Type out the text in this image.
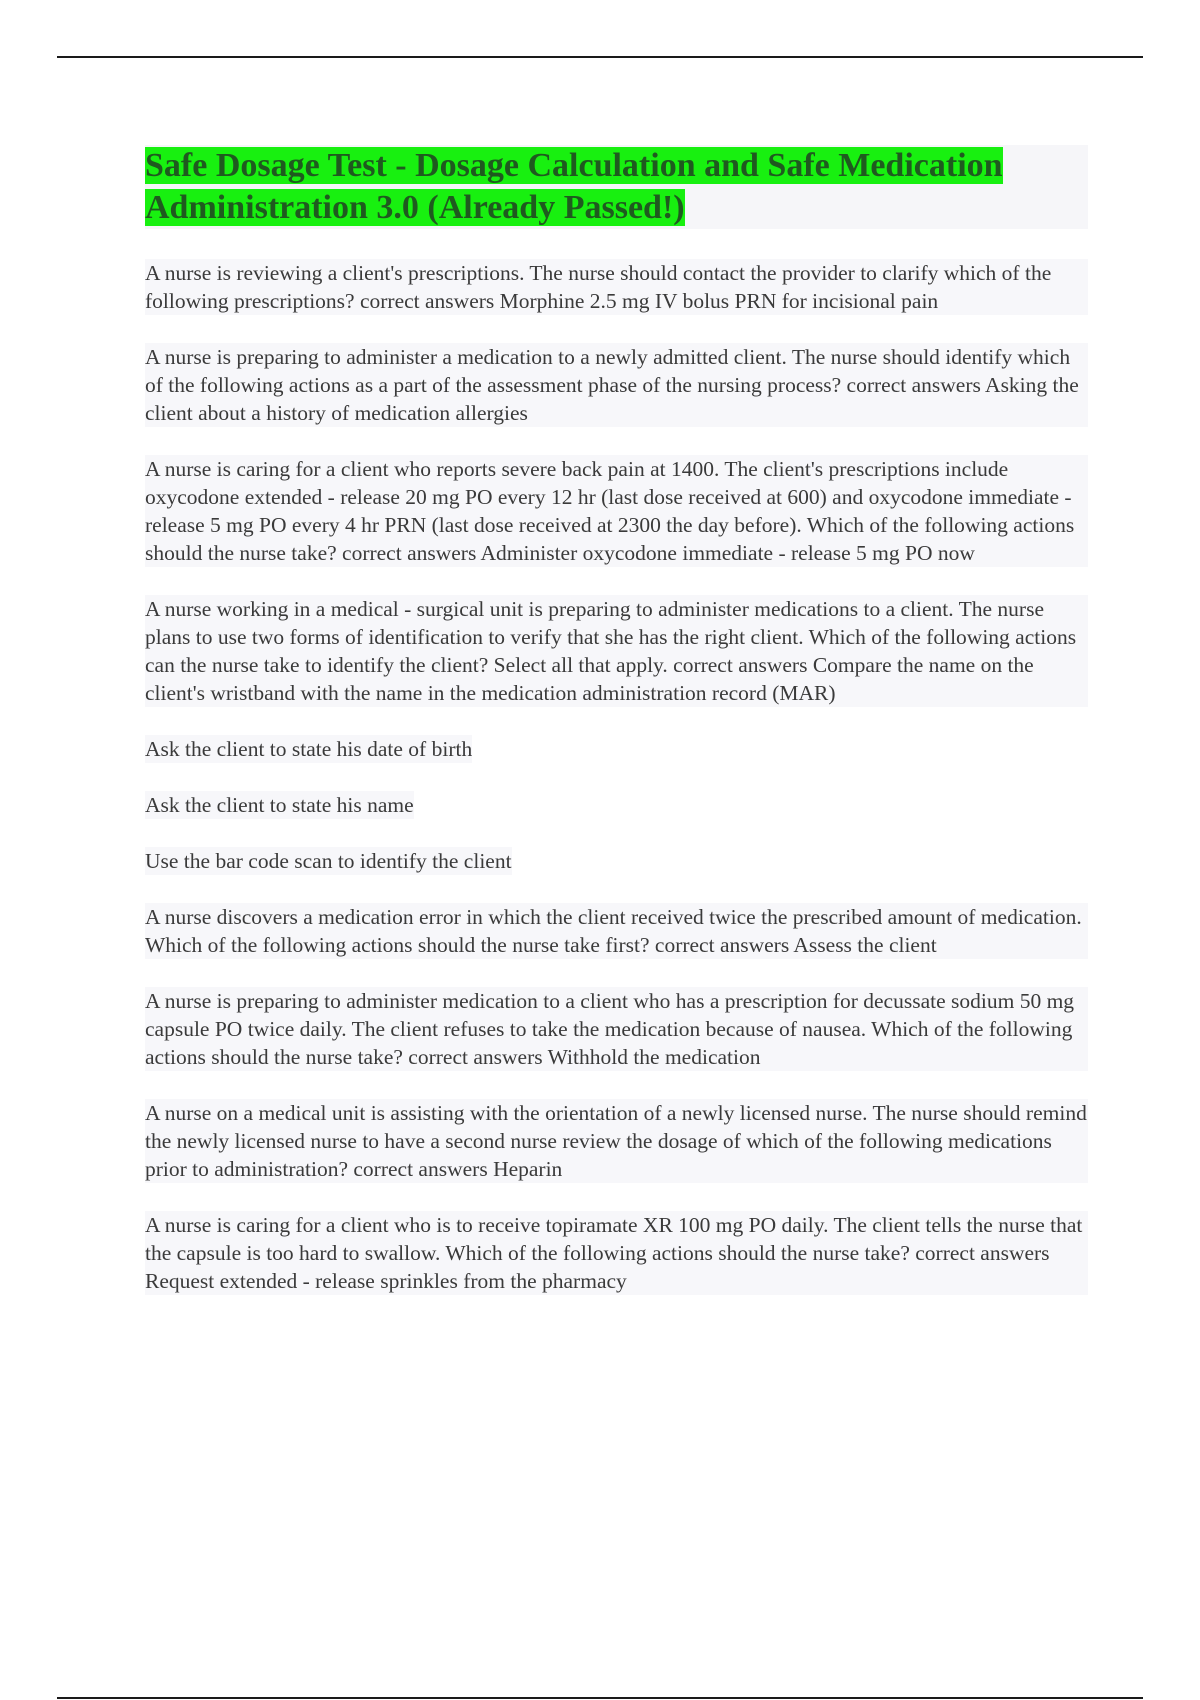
Safe Dosage Test - Dosage Calculation and Safe Medication Administration 3.0 (Already Passed!)

A nurse is reviewing a client's prescriptions. The nurse should contact the provider to clarify which of the following prescriptions? correct answers Morphine 2.5 mg IV bolus PRN for incisional pain

A nurse is preparing to administer a medication to a newly admitted client. The nurse should identify which of the following actions as a part of the assessment phase of the nursing process? correct answers Asking the client about a history of medication allergies

A nurse is caring for a client who reports severe back pain at 1400. The client's prescriptions include oxycodone extended - release 20 mg PO every 12 hr (last dose received at 600) and oxycodone immediate - release 5 mg PO every 4 hr PRN (last dose received at 2300 the day before). Which of the following actions should the nurse take? correct answers Administer oxycodone immediate - release 5 mg PO now

A nurse working in a medical - surgical unit is preparing to administer medications to a client. The nurse plans to use two forms of identification to verify that she has the right client. Which of the following actions can the nurse take to identify the client? Select all that apply. correct answers Compare the name on the client's wristband with the name in the medication administration record (MAR)

Ask the client to state his date of birth

Ask the client to state his name

Use the bar code scan to identify the client

A nurse discovers a medication error in which the client received twice the prescribed amount of medication. Which of the following actions should the nurse take first? correct answers Assess the client

A nurse is preparing to administer medication to a client who has a prescription for decussate sodium 50 mg capsule PO twice daily. The client refuses to take the medication because of nausea. Which of the following actions should the nurse take? correct answers Withhold the medication

A nurse on a medical unit is assisting with the orientation of a newly licensed nurse. The nurse should remind the newly licensed nurse to have a second nurse review the dosage of which of the following medications prior to administration? correct answers Heparin

A nurse is caring for a client who is to receive topiramate XR 100 mg PO daily. The client tells the nurse that the capsule is too hard to swallow. Which of the following actions should the nurse take? correct answers Request extended - release sprinkles from the pharmacy
